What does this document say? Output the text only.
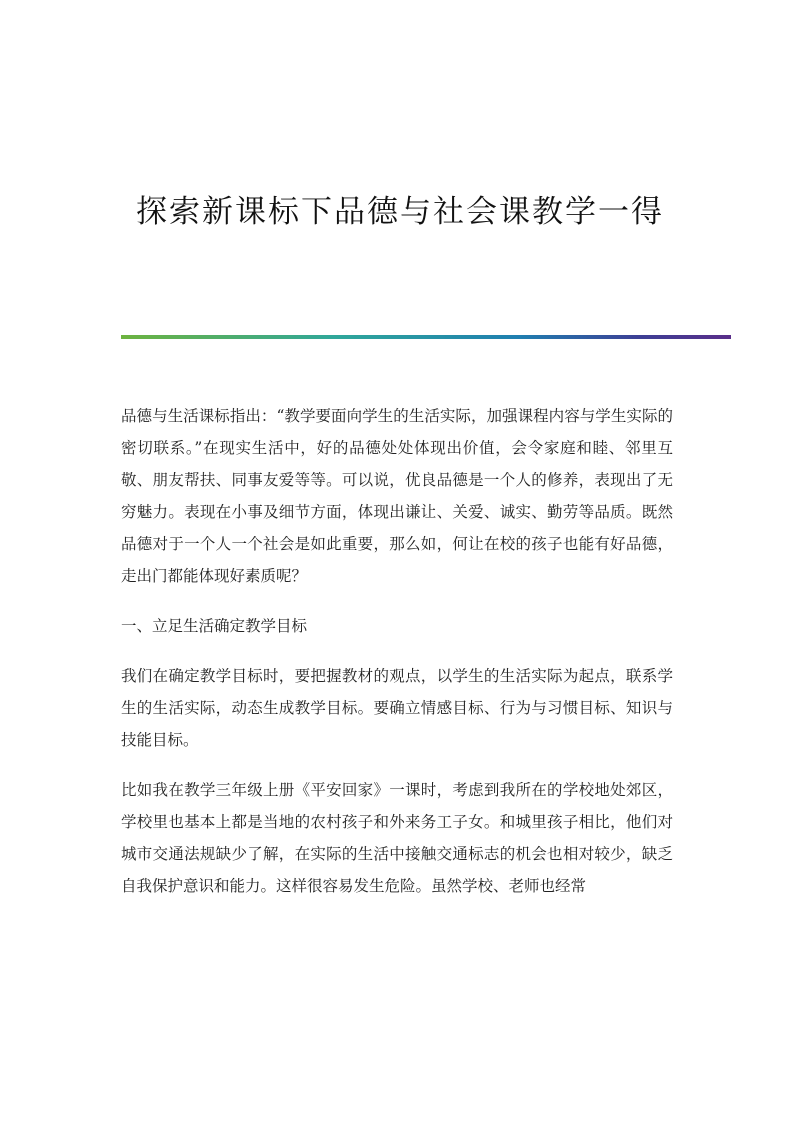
探索新课标下品德与社会课教学一得

品德与生活课标指出：“教学要面向学生的生活实际，加强课程内容与学生实际的密切联系。”在现实生活中，好的品德处处体现出价值，会令家庭和睦、邻里互敬、朋友帮扶、同事友爱等等。可以说，优良品德是一个人的修养，表现出了无穷魅力。表现在小事及细节方面，体现出谦让、关爱、诚实、勤劳等品质。既然品德对于一个人一个社会是如此重要，那么如，何让在校的孩子也能有好品德，走出门都能体现好素质呢？

一、立足生活确定教学目标

我们在确定教学目标时，要把握教材的观点，以学生的生活实际为起点，联系学生的生活实际，动态生成教学目标。要确立情感目标、行为与习惯目标、知识与技能目标。

比如我在教学三年级上册《平安回家》一课时，考虑到我所在的学校地处郊区，学校里也基本上都是当地的农村孩子和外来务工子女。和城里孩子相比，他们对城市交通法规缺少了解，在实际的生活中接触交通标志的机会也相对较少，缺乏自我保护意识和能力。这样很容易发生危险。虽然学校、老师也经常
